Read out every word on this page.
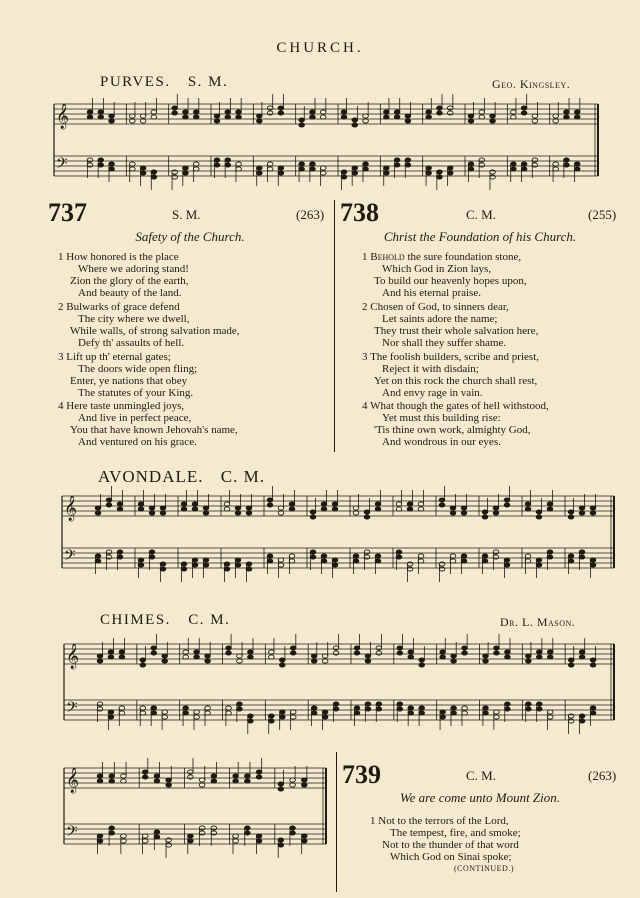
CHURCH.
PURVES. S. M.	Geo. Kingsley.
𝄞
𝄢
𝄞
𝄢
𝄞
𝄢
𝄞
𝄢
737	S. M.	(263)
Safety of the Church.
1 How honored is the place
Where we adoring stand!
Zion the glory of the earth,
And beauty of the land.
2 Bulwarks of grace defend
The city where we dwell,
While walls, of strong salvation made,
Defy th' assaults of hell.
3 Lift up th' eternal gates;
The doors wide open fling;
Enter, ye nations that obey
The statutes of your King.
4 Here taste unmingled joys,
And live in perfect peace,
You that have known Jehovah's name,
And ventured on his grace.
738	C. M.	(255)
Christ the Foundation of his Church.
1 Behold the sure foundation stone,
Which God in Zion lays,
To build our heavenly hopes upon,
And his eternal praise.
2 Chosen of God, to sinners dear,
Let saints adore the name;
They trust their whole salvation here,
Nor shall they suffer shame.
3 The foolish builders, scribe and priest,
Reject it with disdain;
Yet on this rock the church shall rest,
And envy rage in vain.
4 What though the gates of hell withstood,
Yet must this building rise:
'Tis thine own work, almighty God,
And wondrous in our eyes.
AVONDALE. C. M.
CHIMES. C. M.	Dr. L. Mason.
739	C. M.	(263)
We are come unto Mount Zion.
1 Not to the terrors of the Lord,
The tempest, fire, and smoke;
Not to the thunder of that word
Which God on Sinai spoke;
(CONTINUED.)
